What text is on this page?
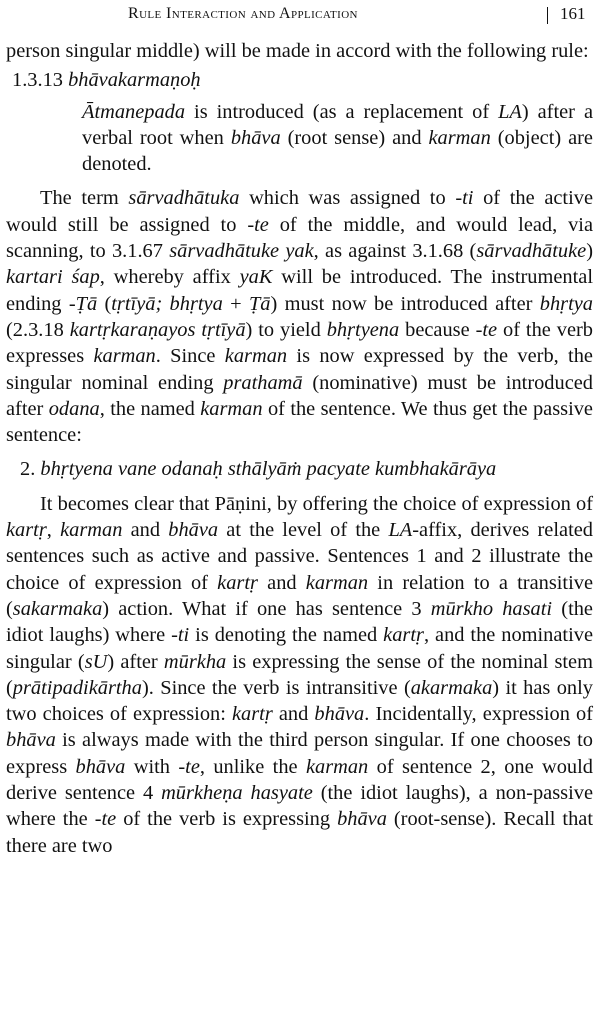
Rule Interaction and Application	161

person singular middle) will be made in accord with the following rule:

1.3.13 bhāvakarmaṇoḥ

Ātmanepada is introduced (as a replacement of LA) after a verbal root when bhāva (root sense) and karman (object) are denoted.

The term sārvadhātuka which was assigned to -ti of the active would still be assigned to -te of the middle, and would lead, via scanning, to 3.1.67 sārvadhātuke yak, as against 3.1.68 (sārvadhātuke) kartari śap, whereby affix yaK will be introduced. The instrumental ending -Ṭā (tṛtīyā; bhṛtya + Ṭā) must now be introduced after bhṛtya (2.3.18 kartṛkaraṇayos tṛtīyā) to yield bhṛtyena because -te of the verb expresses karman. Since karman is now expressed by the verb, the singular nominal ending prathamā (nominative) must be introduced after odana, the named karman of the sentence. We thus get the passive sentence:

2. bhṛtyena vane odanaḥ sthālyāṁ pacyate kumbhakārāya

It becomes clear that Pāṇini, by offering the choice of expression of kartṛ, karman and bhāva at the level of the LA-affix, derives related sentences such as active and passive. Sentences 1 and 2 illustrate the choice of expression of kartṛ and karman in relation to a transitive (sakarmaka) action. What if one has sentence 3 mūrkho hasati (the idiot laughs) where -ti is denoting the named kartṛ, and the nominative singular (sU) after mūrkha is expressing the sense of the nominal stem (prātipadikārtha). Since the verb is intransitive (akarmaka) it has only two choices of expression: kartṛ and bhāva. Incidentally, expression of bhāva is always made with the third person singular. If one chooses to express bhāva with -te, unlike the karman of sentence 2, one would derive sentence 4 mūrkheṇa hasyate (the idiot laughs), a non-passive where the -te of the verb is expressing bhāva (root-sense). Recall that there are two
